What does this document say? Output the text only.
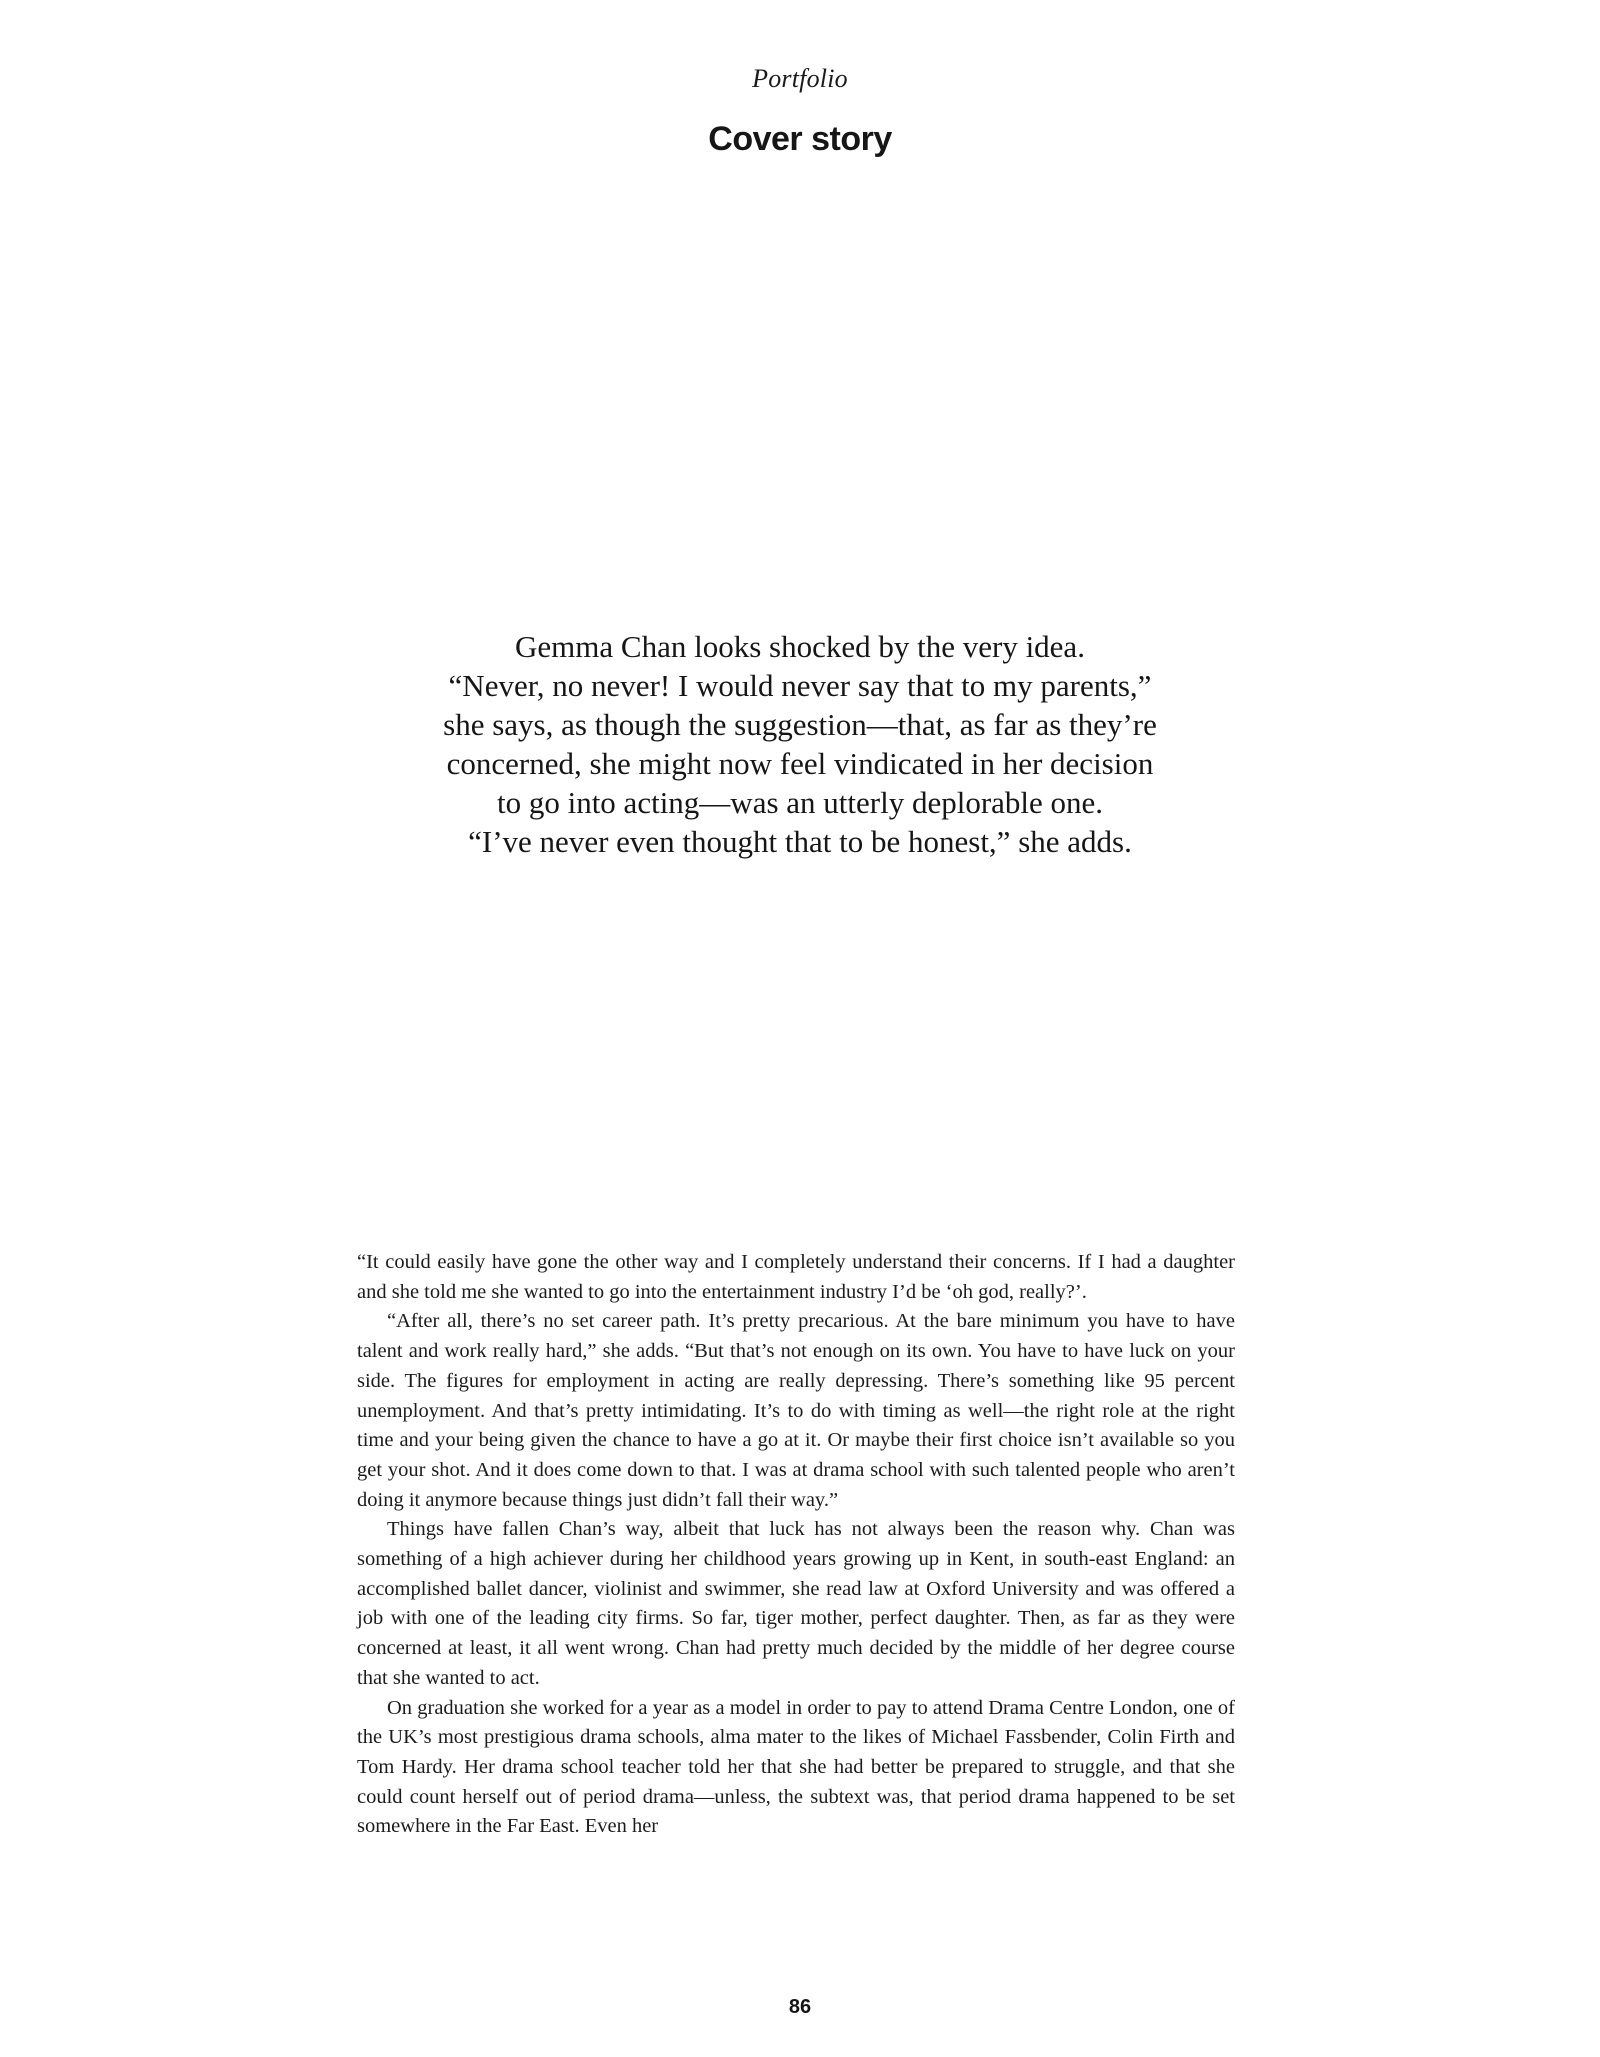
Portfolio
Cover story
Gemma Chan looks shocked by the very idea.
“Never, no never! I would never say that to my parents,”
she says, as though the suggestion—that, as far as they’re
concerned, she might now feel vindicated in her decision
to go into acting—was an utterly deplorable one.
“I’ve never even thought that to be honest,” she adds.

“It could easily have gone the other way and I completely understand their concerns. If I had a daughter and she told me she wanted to go into the entertainment industry I’d be ‘oh god, really?’.

“After all, there’s no set career path. It’s pretty precarious. At the bare minimum you have to have talent and work really hard,” she adds. “But that’s not enough on its own. You have to have luck on your side. The figures for employment in acting are really depressing. There’s something like 95 percent unemployment. And that’s pretty intimidating. It’s to do with timing as well—the right role at the right time and your being given the chance to have a go at it. Or maybe their first choice isn’t available so you get your shot. And it does come down to that. I was at drama school with such talented people who aren’t doing it anymore because things just didn’t fall their way.”

Things have fallen Chan’s way, albeit that luck has not always been the reason why. Chan was something of a high achiever during her childhood years growing up in Kent, in south-east England: an accomplished ballet dancer, violinist and swimmer, she read law at Oxford University and was offered a job with one of the leading city firms. So far, tiger mother, perfect daughter. Then, as far as they were concerned at least, it all went wrong. Chan had pretty much decided by the middle of her degree course that she wanted to act.

On graduation she worked for a year as a model in order to pay to attend Drama Centre London, one of the UK’s most prestigious drama schools, alma mater to the likes of Michael Fassbender, Colin Firth and Tom Hardy. Her drama school teacher told her that she had better be prepared to struggle, and that she could count herself out of period drama—unless, the subtext was, that period drama happened to be set somewhere in the Far East. Even her

86
